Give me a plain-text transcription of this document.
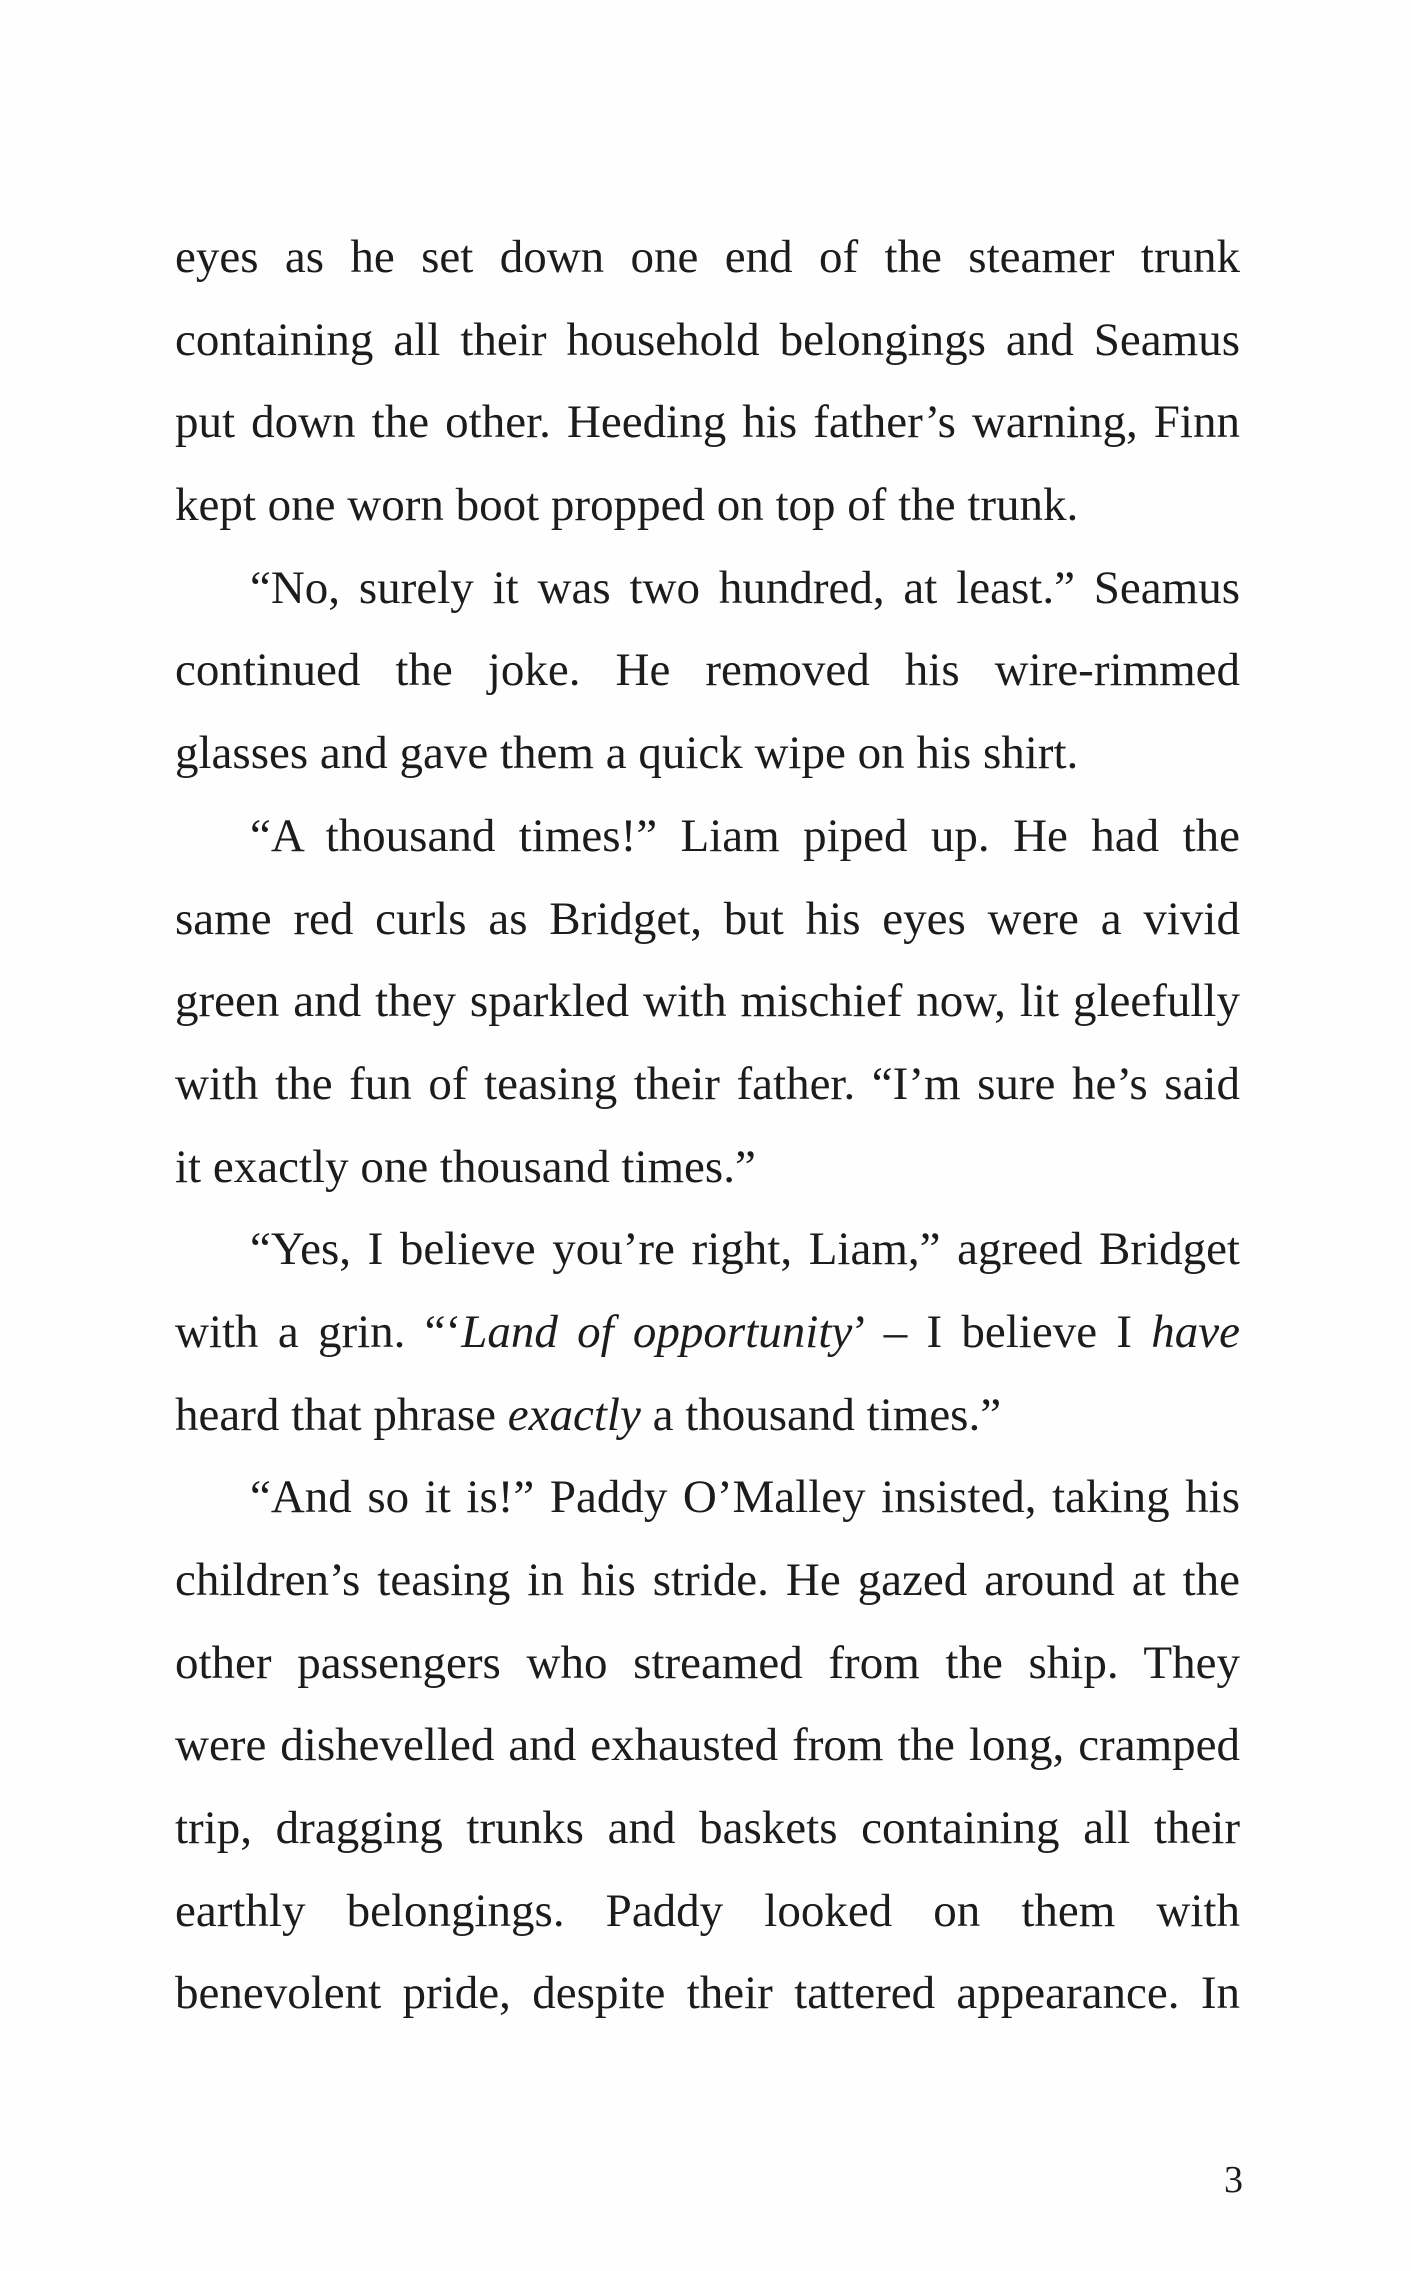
eyes as he set down one end of the steamer trunk
containing all their household belongings and Seamus
put down the other. Heeding his father’s warning, Finn
kept one worn boot propped on top of the trunk.
“No, surely it was two hundred, at least.” Seamus
continued the joke. He removed his wire-rimmed
glasses and gave them a quick wipe on his shirt.
“A thousand times!” Liam piped up. He had the
same red curls as Bridget, but his eyes were a vivid
green and they sparkled with mischief now, lit gleefully
with the fun of teasing their father. “I’m sure he’s said
it exactly one thousand times.”
“Yes, I believe you’re right, Liam,” agreed Bridget
with a grin. “‘Land of opportunity’ – I believe I have
heard that phrase exactly a thousand times.”
“And so it is!” Paddy O’Malley insisted, taking his
children’s teasing in his stride. He gazed around at the
other passengers who streamed from the ship. They
were dishevelled and exhausted from the long, cramped
trip, dragging trunks and baskets containing all their
earthly belongings. Paddy looked on them with
benevolent pride, despite their tattered appearance. In
3
